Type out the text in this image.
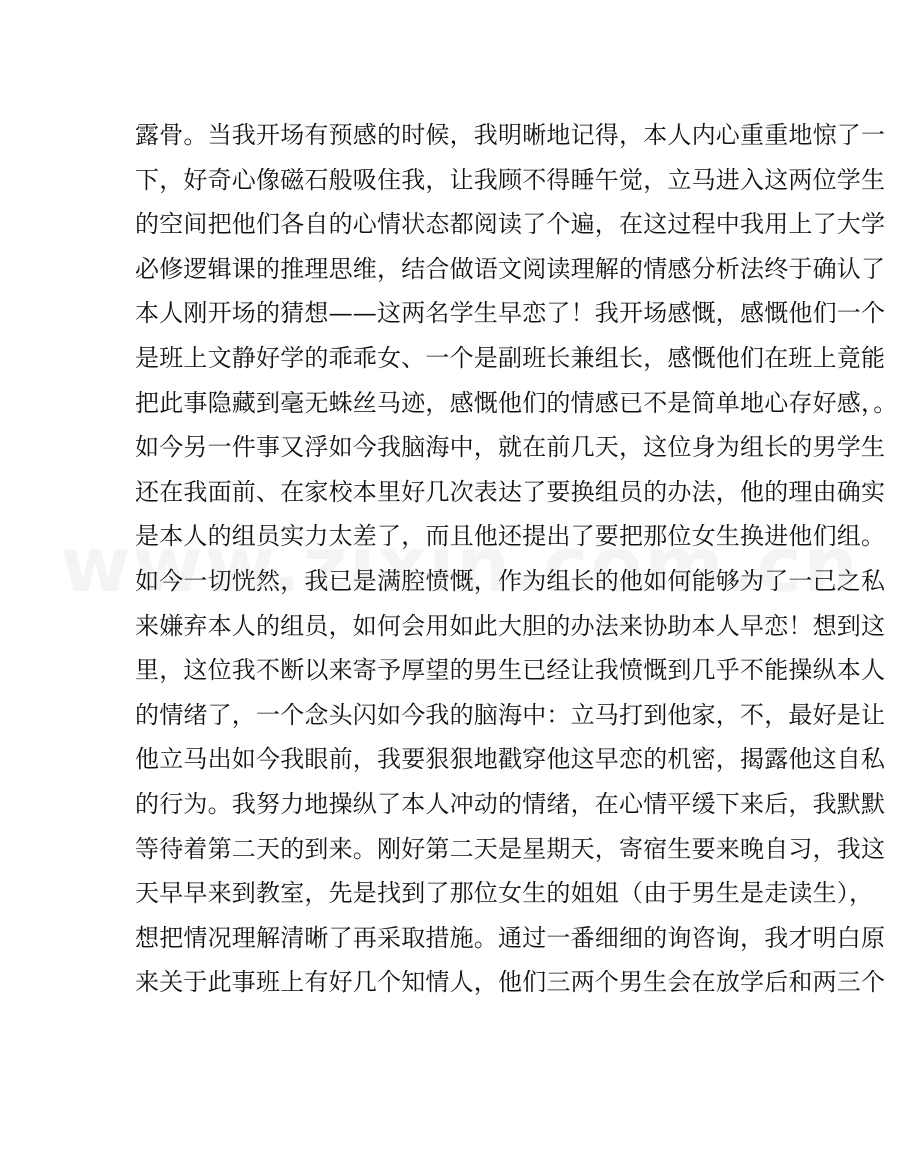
露骨。当我开场有预感的时候，我明晰地记得，本人内心重重地惊了一
下，好奇心像磁石般吸住我，让我顾不得睡午觉，立马进入这两位学生
的空间把他们各自的心情状态都阅读了个遍，在这过程中我用上了大学
必修逻辑课的推理思维，结合做语文阅读理解的情感分析法终于确认了
本人刚开场的猜想——这两名学生早恋了！我开场感慨，感慨他们一个
是班上文静好学的乖乖女、一个是副班长兼组长，感慨他们在班上竟能
把此事隐藏到毫无蛛丝马迹，感慨他们的情感已不是简单地心存好感，。
如今另一件事又浮如今我脑海中，就在前几天，这位身为组长的男学生
还在我面前、在家校本里好几次表达了要换组员的办法，他的理由确实
是本人的组员实力太差了，而且他还提出了要把那位女生换进他们组。
如今一切恍然，我已是满腔愤慨，作为组长的他如何能够为了一己之私
来嫌弃本人的组员，如何会用如此大胆的办法来协助本人早恋！想到这
里，这位我不断以来寄予厚望的男生已经让我愤慨到几乎不能操纵本人
的情绪了，一个念头闪如今我的脑海中：立马打到他家，不，最好是让
他立马出如今我眼前，我要狠狠地戳穿他这早恋的机密，揭露他这自私
的行为。我努力地操纵了本人冲动的情绪，在心情平缓下来后，我默默
等待着第二天的到来。刚好第二天是星期天，寄宿生要来晚自习，我这
天早早来到教室，先是找到了那位女生的姐姐（由于男生是走读生），
想把情况理解清晰了再采取措施。通过一番细细的询咨询，我才明白原
来关于此事班上有好几个知情人，他们三两个男生会在放学后和两三个
